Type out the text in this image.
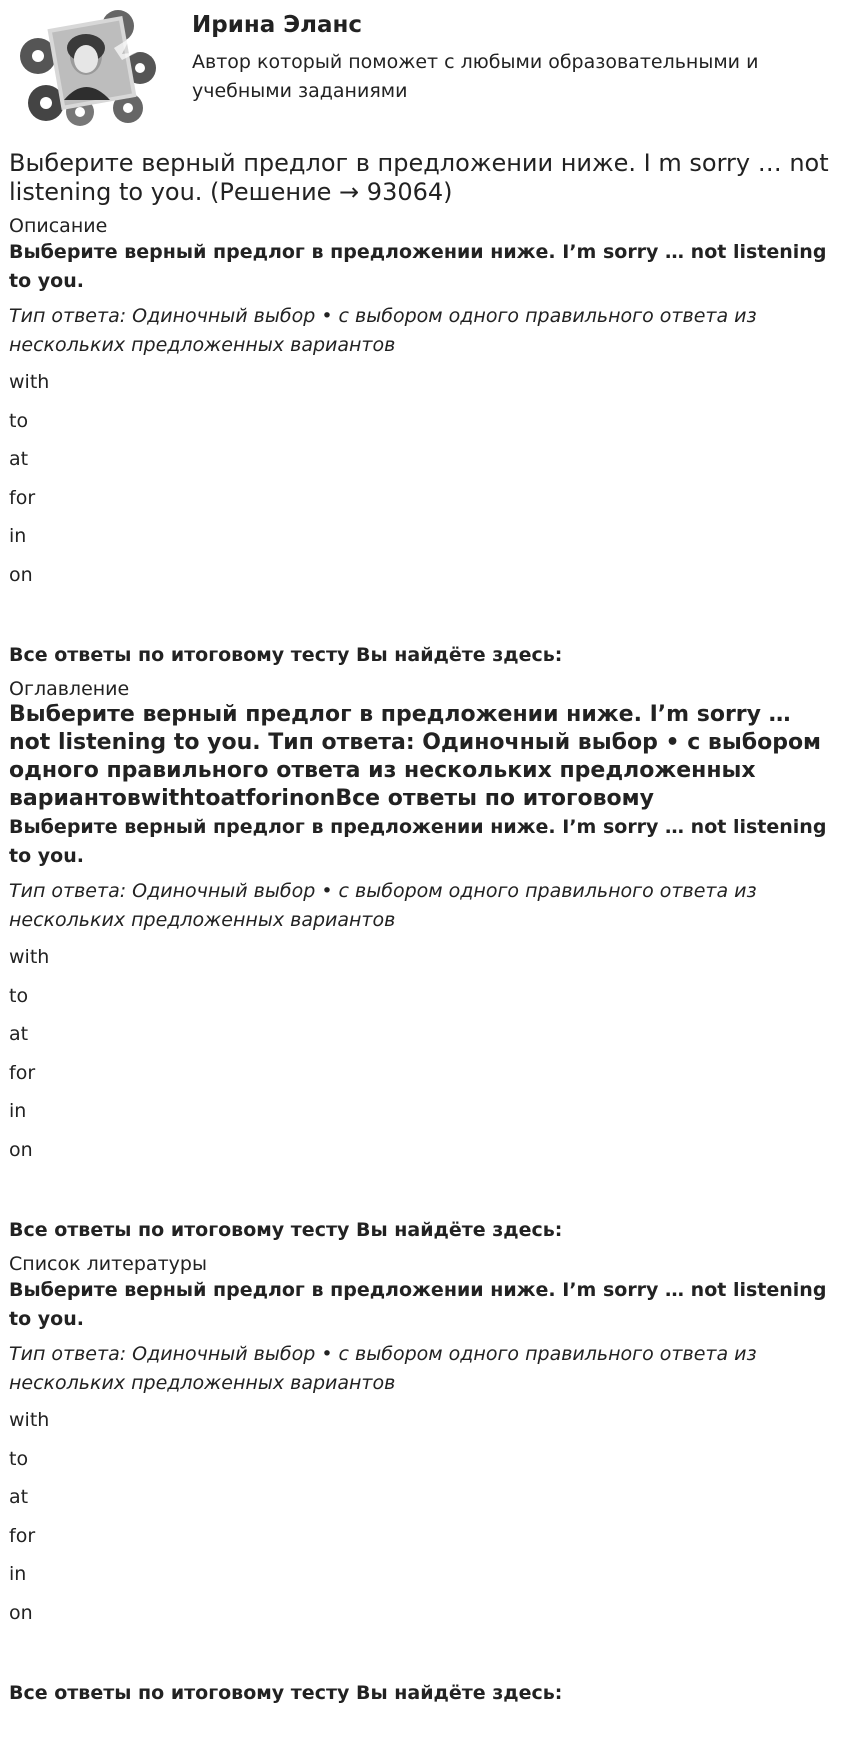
Ирина Эланс

Автор который поможет с любыми образовательными и учебными заданиями

Выберите верный предлог в предложении ниже. I m sorry … not listening to you. (Решение → 93064)

Описание

Выберите верный предлог в предложении ниже. I’m sorry … not listening to you.

Тип ответа: Одиночный выбор • с выбором одного правильного ответа из нескольких предложенных вариантов

with
to
at
for
in
on

Все ответы по итоговому тесту Вы найдёте здесь:

Оглавление

Выберите верный предлог в предложении ниже. I’m sorry … not listening to you. Тип ответа: Одиночный выбор • с выбором одного правильного ответа из нескольких предложенных вариантовwithtoatforinonВсе ответы по итоговому

Выберите верный предлог в предложении ниже. I’m sorry … not listening to you.

Тип ответа: Одиночный выбор • с выбором одного правильного ответа из нескольких предложенных вариантов

with
to
at
for
in
on

Все ответы по итоговому тесту Вы найдёте здесь:

Список литературы

Выберите верный предлог в предложении ниже. I’m sorry … not listening to you.

Тип ответа: Одиночный выбор • с выбором одного правильного ответа из нескольких предложенных вариантов

with
to
at
for
in
on

Все ответы по итоговому тесту Вы найдёте здесь:
